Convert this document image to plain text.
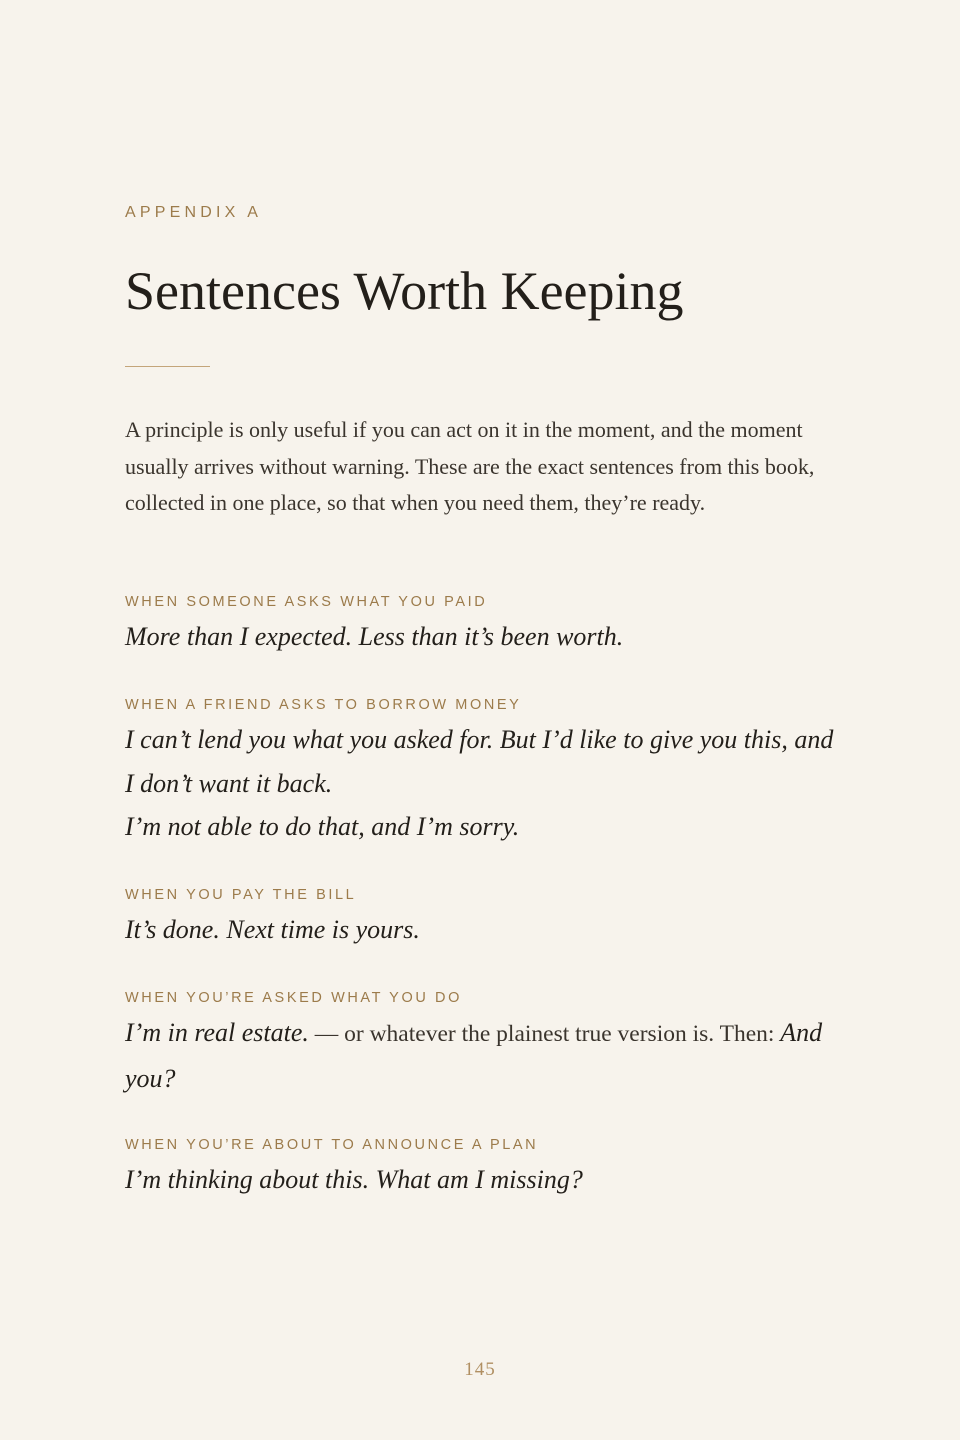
APPENDIX A
Sentences Worth Keeping

A principle is only useful if you can act on it in the moment, and the moment usually arrives without warning. These are the exact sentences from this book, collected in one place, so that when you need them, they’re ready.

WHEN SOMEONE ASKS WHAT YOU PAID

More than I expected. Less than it’s been worth.

WHEN A FRIEND ASKS TO BORROW MONEY

I can’t lend you what you asked for. But I’d like to give you this, and I don’t want it back.

I’m not able to do that, and I’m sorry.

WHEN YOU PAY THE BILL

It’s done. Next time is yours.

WHEN YOU’RE ASKED WHAT YOU DO

I’m in real estate. — or whatever the plainest true version is. Then: And you?

WHEN YOU’RE ABOUT TO ANNOUNCE A PLAN

I’m thinking about this. What am I missing?

145
